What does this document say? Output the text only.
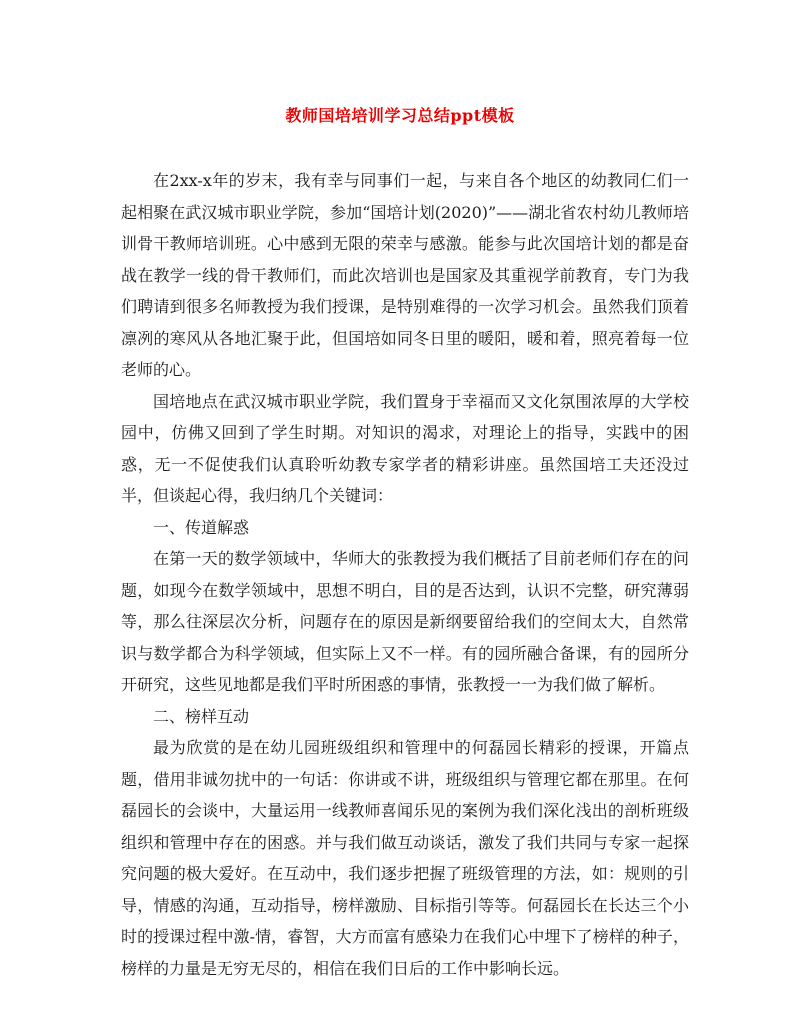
教师国培培训学习总结ppt模板

在2xx-x年的岁末，我有幸与同事们一起，与来自各个地区的幼教同仁们一起相聚在武汉城市职业学院，参加“国培计划(2020)”——湖北省农村幼儿教师培训骨干教师培训班。心中感到无限的荣幸与感激。能参与此次国培计划的都是奋战在教学一线的骨干教师们，而此次培训也是国家及其重视学前教育，专门为我们聘请到很多名师教授为我们授课，是特别难得的一次学习机会。虽然我们顶着凛冽的寒风从各地汇聚于此，但国培如同冬日里的暖阳，暖和着，照亮着每一位老师的心。

国培地点在武汉城市职业学院，我们置身于幸福而又文化氛围浓厚的大学校园中，仿佛又回到了学生时期。对知识的渴求，对理论上的指导，实践中的困惑，无一不促使我们认真聆听幼教专家学者的精彩讲座。虽然国培工夫还没过半，但谈起心得，我归纳几个关键词：

一、传道解惑

在第一天的数学领域中，华师大的张教授为我们概括了目前老师们存在的问题，如现今在数学领域中，思想不明白，目的是否达到，认识不完整，研究薄弱等，那么往深层次分析，问题存在的原因是新纲要留给我们的空间太大，自然常识与数学都合为科学领域，但实际上又不一样。有的园所融合备课，有的园所分开研究，这些见地都是我们平时所困惑的事情，张教授一一为我们做了解析。

二、榜样互动

最为欣赏的是在幼儿园班级组织和管理中的何磊园长精彩的授课，开篇点题，借用非诚勿扰中的一句话：你讲或不讲，班级组织与管理它都在那里。在何磊园长的会谈中，大量运用一线教师喜闻乐见的案例为我们深化浅出的剖析班级组织和管理中存在的困惑。并与我们做互动谈话，激发了我们共同与专家一起探究问题的极大爱好。在互动中，我们逐步把握了班级管理的方法，如：规则的引导，情感的沟通，互动指导，榜样激励、目标指引等等。何磊园长在长达三个小时的授课过程中激-情，睿智，大方而富有感染力在我们心中埋下了榜样的种子，榜样的力量是无穷无尽的，相信在我们日后的工作中影响长远。
